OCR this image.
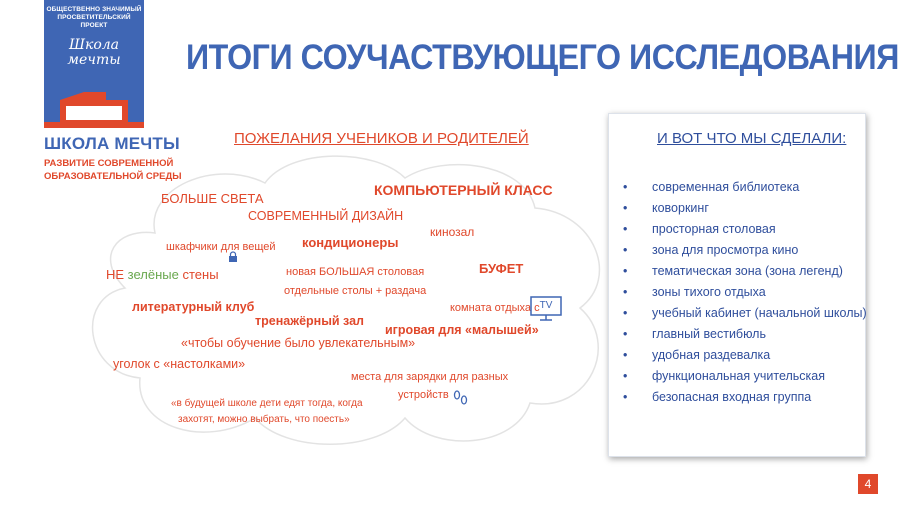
ОБЩЕСТВЕННО ЗНАЧИМЫЙ
ПРОСВЕТИТЕЛЬСКИЙ ПРОЕКТ
Школа
мечты
ШКОЛА МЕЧТЫ
РАЗВИТИЕ СОВРЕМЕННОЙ
ОБРАЗОВАТЕЛЬНОЙ СРЕДЫ
ИТОГИ СОУЧАСТВУЮЩЕГО ИССЛЕДОВАНИЯ
ПОЖЕЛАНИЯ УЧЕНИКОВ И РОДИТЕЛЕЙ
БОЛЬШЕ СВЕТА
СОВРЕМЕННЫЙ ДИЗАЙН
КОМПЬЮТЕРНЫЙ КЛАСС
шкафчики для вещей кондиционеры
кинозал
НЕ зелёные стены	новая БОЛЬШАЯ столовая
отдельные столы + раздача
БУФЕТ
литературный клуб	комната отдыха с TV
тренажёрный зал
игровая для «малышей»
«чтобы обучение было увлекательным»
уголок с «настолками»
места для зарядки для разных
устройств
«в будущей школе дети едят тогда, когда
захотят, можно выбрать, что поесть»
И ВОТ ЧТО МЫ СДЕЛАЛИ:
• современная библиотека
• коворкинг
• просторная столовая
• зона для просмотра кино
• тематическая зона (зона легенд)
• зоны тихого отдыха
• учебный кабинет (начальной школы)
• главный вестибюль
• удобная раздевалка
• функциональная учительская
• безопасная входная группа
4
